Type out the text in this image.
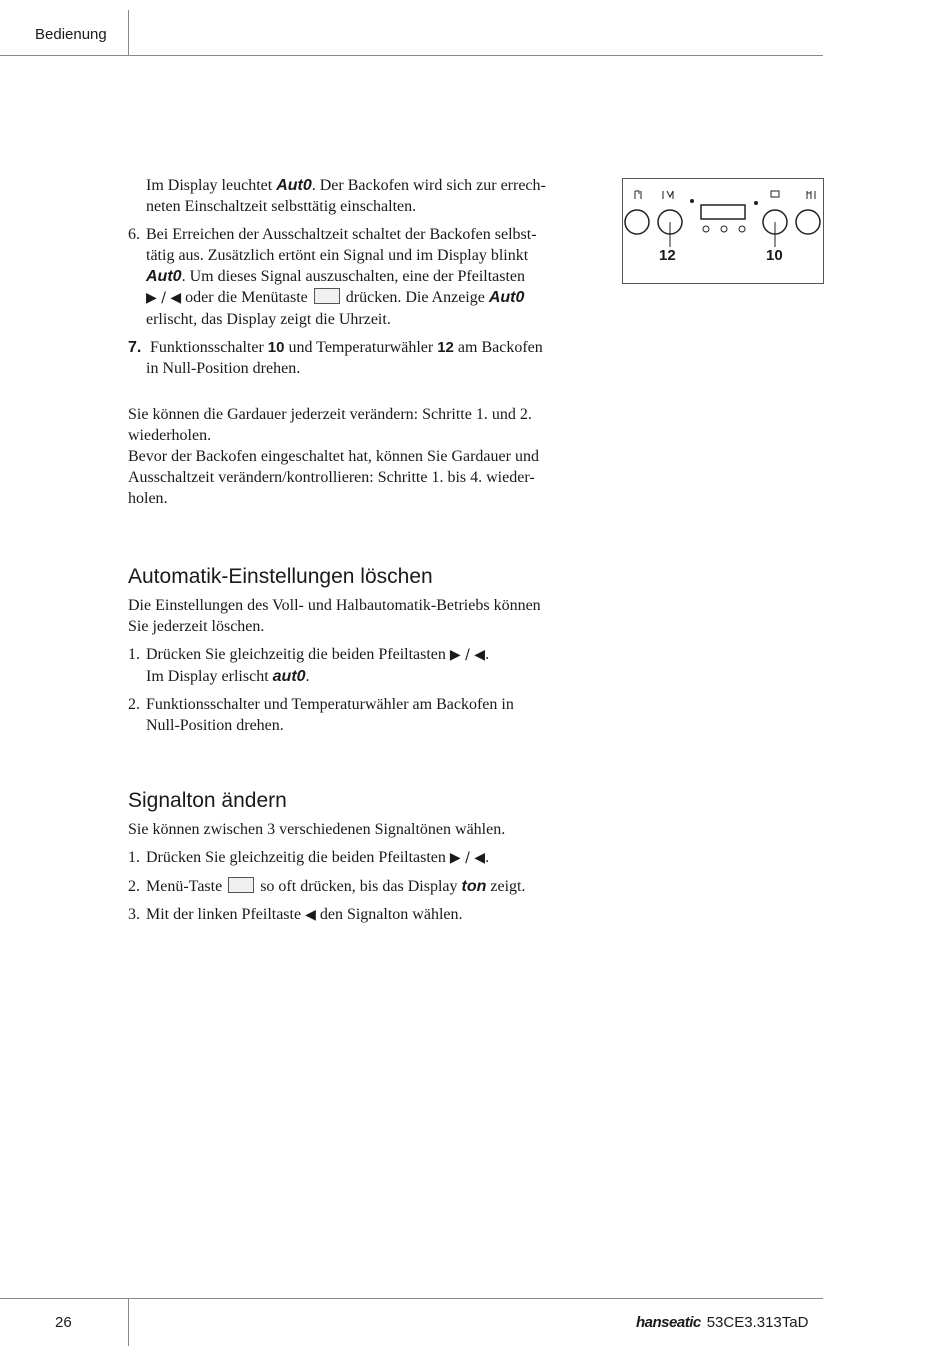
Bedienung

Im Display leuchtet Aut0. Der Backofen wird sich zur errech-
neten Einschaltzeit selbsttätig einschalten.

6. Bei Erreichen der Ausschaltzeit schaltet der Backofen selbst-
tätig aus. Zusätzlich ertönt ein Signal und im Display blinkt
Aut0. Um dieses Signal auszuschalten, eine der Pfeiltasten
▶ / ◀ oder die Menütaste  drücken. Die Anzeige Aut0
erlischt, das Display zeigt die Uhrzeit.

7. Funktionsschalter 10 und Temperaturwähler 12 am Backofen
in Null-Position drehen.

12	10

Sie können die Gardauer jederzeit verändern: Schritte 1. und 2.
wiederholen.
Bevor der Backofen eingeschaltet hat, können Sie Gardauer und
Ausschaltzeit verändern/kontrollieren: Schritte 1. bis 4. wieder-
holen.

Automatik-Einstellungen löschen

Die Einstellungen des Voll- und Halbautomatik-Betriebs können
Sie jederzeit löschen.

1. Drücken Sie gleichzeitig die beiden Pfeiltasten ▶ / ◀.
Im Display erlischt aut0.

2. Funktionsschalter und Temperaturwähler am Backofen in
Null-Position drehen.

Signalton ändern

Sie können zwischen 3 verschiedenen Signaltönen wählen.

1. Drücken Sie gleichzeitig die beiden Pfeiltasten ▶ / ◀.

2. Menü-Taste  so oft drücken, bis das Display ton zeigt.

3. Mit der linken Pfeiltaste ◀ den Signalton wählen.

26	hanseatic 53CE3.313TaD
